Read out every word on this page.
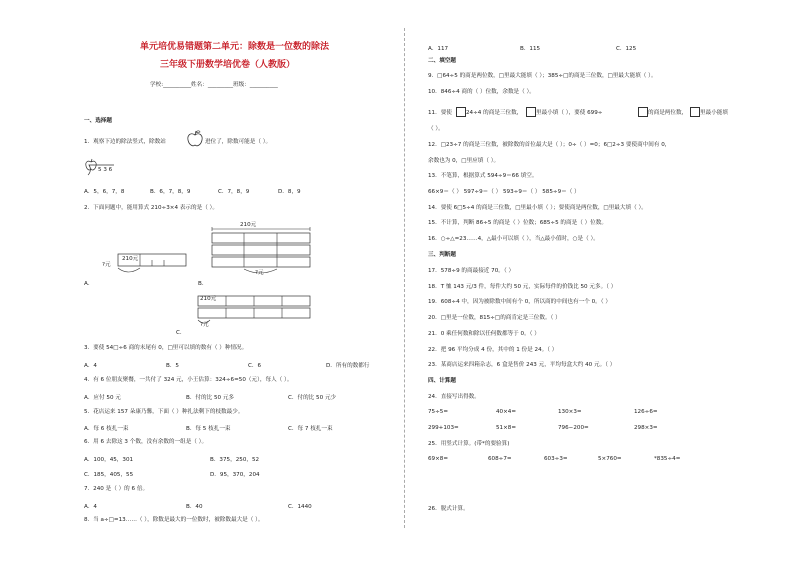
单元培优易错题第二单元：除数是一位数的除法
三年级下册数学培优卷（人教版）
学校:__________姓名：_________班级：__________
一、选择题
1．观察下边的除法竖式，除数站	进位了，除数可能是（ ）。
5 3 6
A．5，6，7，8	B．6，7，8，9	C．7，8，9	D．8，9
2．下面问题中，能用算式 210÷3×4 表示的是（ ）。
210元
?元
210元
?元
A．	B．
210元
?元
C．
3．要使 54□÷6 商的末尾有 0，□里可以填的数有（ ）种情况。
A．4	B．5	C．6	D．所有的数都行
4．有 6 位朋友聚餐，一共付了 324 元，小王估算：324÷6=50（元），每人（ ）。
A．应付 50 元	B．付的比 50 元多	C．付的比 50 元少
5．花店运来 157 朵康乃馨，下面（ ）种扎法剩下的枝数最少。
A．每 6 枝扎一束	B．每 5 枝扎一束	C．每 7 枝扎一束
6．用 6 去除这 3 个数，没有余数的一组是（ ）。
A．100，45，301	B．375，250，52
C．185，405，55	D．95，370，204
7．240 是（ ）的 6 倍。
A．4	B．40	C．1440
8．当 a÷□=13……（ ），除数是最大的一位数时，被除数最大是（ ）。
A．117	B．115	C．125
二、填空题
9．□64÷5 的商是两位数，□里最大能填（ ）；385÷□的商是三位数，□里最大能填（ ）。
10．846÷4 商的（ ）位数，余数是（ ）。
11．要使	24÷4 的商是三位数， 里最小填（ ），要使 699÷	的商是两位数， 里最小能填
（ ）。
12．□23÷7 的商是三位数，被除数的首位最大是（ ）；0÷（ ）=0；6□2÷3 要使商中间有 0，
余数也为 0，□里应填（ ）。
13．不笔算，根据算式 594÷9＝66 填空。
66×9＝（ ） 597÷9＝（ ） 593÷9＝（ ） 585÷9＝（ ）
14．要使 6□5÷4 的商是三位数，□里最小填（ ）；要使商是两位数，□里最大填（ ）。
15．不计算，判断 86÷5 的商是（ ）位数；685÷5 的商是（ ）位数。
16．○÷△=23……4，△最小可以填（ ），当△最小值时，○是（ ）。
三、判断题
17．578÷9 的商最接近 70。（ ）
18．T 恤 143 元/3 件，每件大约 50 元，实际每件的价钱比 50 元多。（ ）
19．608÷4 中，因为被除数中间有个 0，所以商的中间也有一个 0。（ ）
20．□里是一位数，815÷□的商肯定是三位数。（ ）
21．0 乘任何数和除以任何数都等于 0。（ ）
22．把 96 平均分成 4 份，其中的 1 份是 24。（ ）
23．某商店运来四箱杂志，6 盒是售价 243 元，平均每盒大约 40 元。（ ）
四、计算题
24．直接写出得数。
75÷5=	40×4=	130×3=	126÷6=
299+103=	51×8=	796−200=	298×3=
25．用竖式计算。(带*的要验算)
69×8=	608÷7=	603÷3=	5×760=	*835÷4=
26．脱式计算。
